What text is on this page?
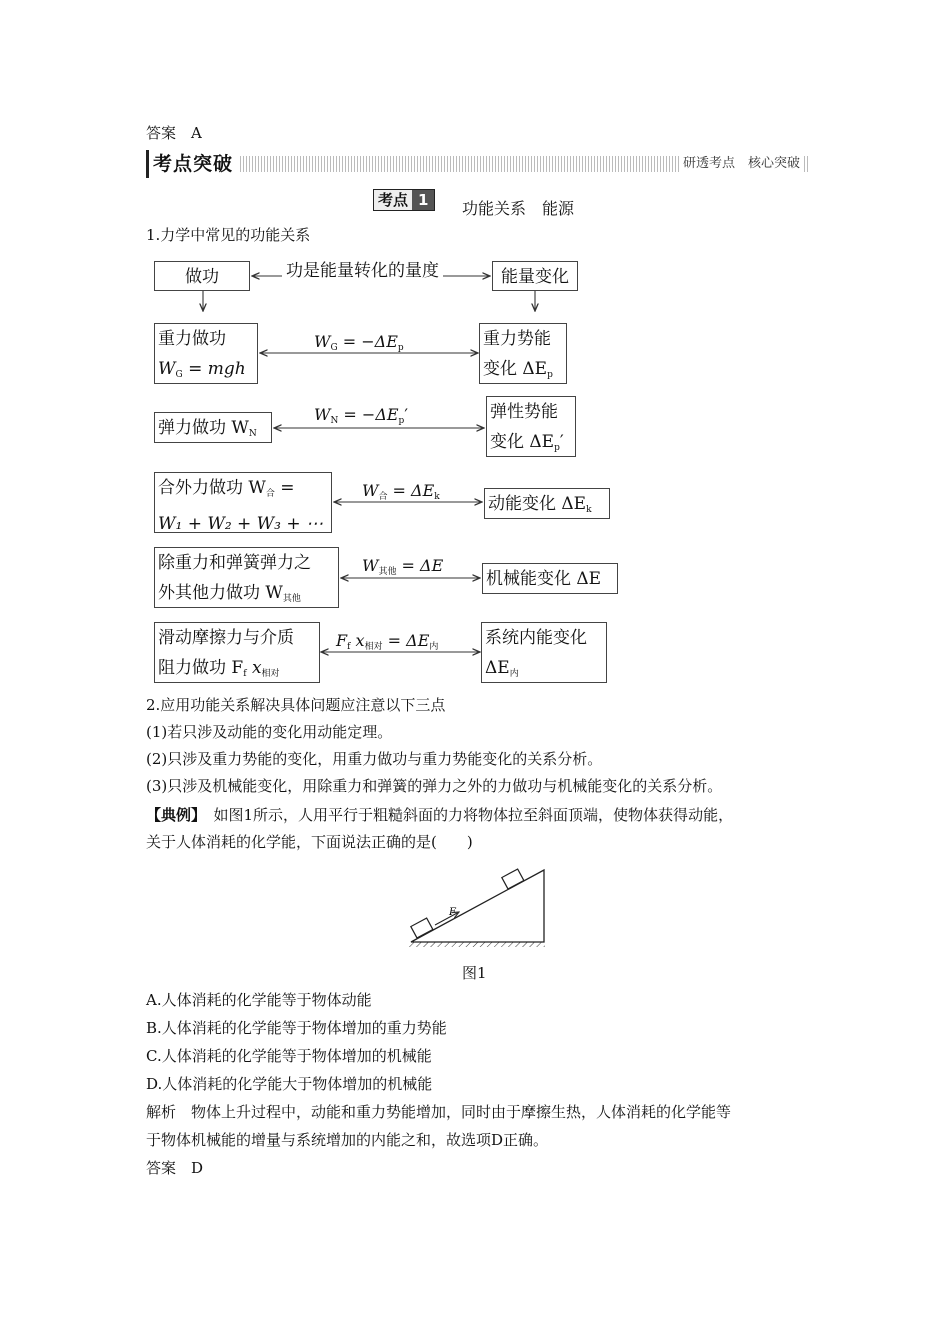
答案　A
考点突破	研透考点　核心突破
考点 1	功能关系　能源
1.力学中常见的功能关系
做功	功是能量转化的量度	能量变化
重力做功
$W_G$ = mgh
$W_G = -\Delta E_p$	重力势能
变化 $\Delta E_p$
弹力做功 $W_N$
$W_N = -\Delta E_p'$	弹性势能
变化 $\Delta E_p'$
合外力做功 $W_合$ =
W₁ + W₂ + W₃ + ⋯
$W_合 = \Delta E_k$	动能变化 $\Delta E_k$
除重力和弹簧弹力之
外其他力做功 $W_{其他}$
$W_{其他} = \Delta E$
机械能变化 ΔE
滑动摩擦力与介质
阻力做功 $F_f$ $x_{相对}$
$F_f$ $x_{相对} = \Delta E_内$	系统内能变化
$\Delta E_内$
2.应用功能关系解决具体问题应注意以下三点
(1)若只涉及动能的变化用动能定理。
(2)只涉及重力势能的变化，用重力做功与重力势能变化的关系分析。
(3)只涉及机械能变化，用除重力和弹簧的弹力之外的力做功与机械能变化的关系分析。
【典例】　如图1所示，人用平行于粗糙斜面的力将物体拉至斜面顶端，使物体获得动能，
关于人体消耗的化学能，下面说法正确的是(　　)
F
图1
A.人体消耗的化学能等于物体动能
B.人体消耗的化学能等于物体增加的重力势能
C.人体消耗的化学能等于物体增加的机械能
D.人体消耗的化学能大于物体增加的机械能
解析　物体上升过程中，动能和重力势能增加，同时由于摩擦生热，人体消耗的化学能等
于物体机械能的增量与系统增加的内能之和，故选项D正确。
答案　D
